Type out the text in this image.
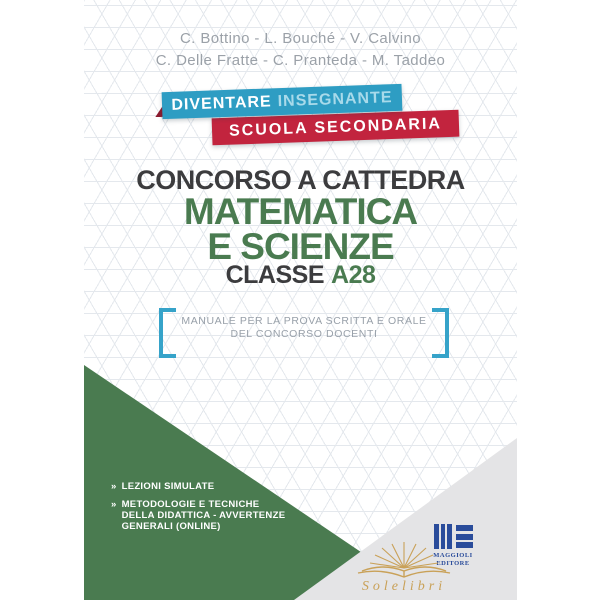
C. Bottino - L. Bouché - V. Calvino
C. Delle Fratte - C. Pranteda - M. Taddeo
DIVENTARE INSEGNANTE
SCUOLA SECONDARIA
CONCORSO A CATTEDRA
MATEMATICA
E SCIENZE
CLASSE A28
MANUALE PER LA PROVA SCRITTA E ORALE
DEL CONCORSO DOCENTI
» LEZIONI SIMULATE
» METODOLOGIE E TECNICHE
DELLA DIDATTICA - AVVERTENZE
GENERALI (ONLINE)
MAGGIOLI
EDITORE
Solelibri
